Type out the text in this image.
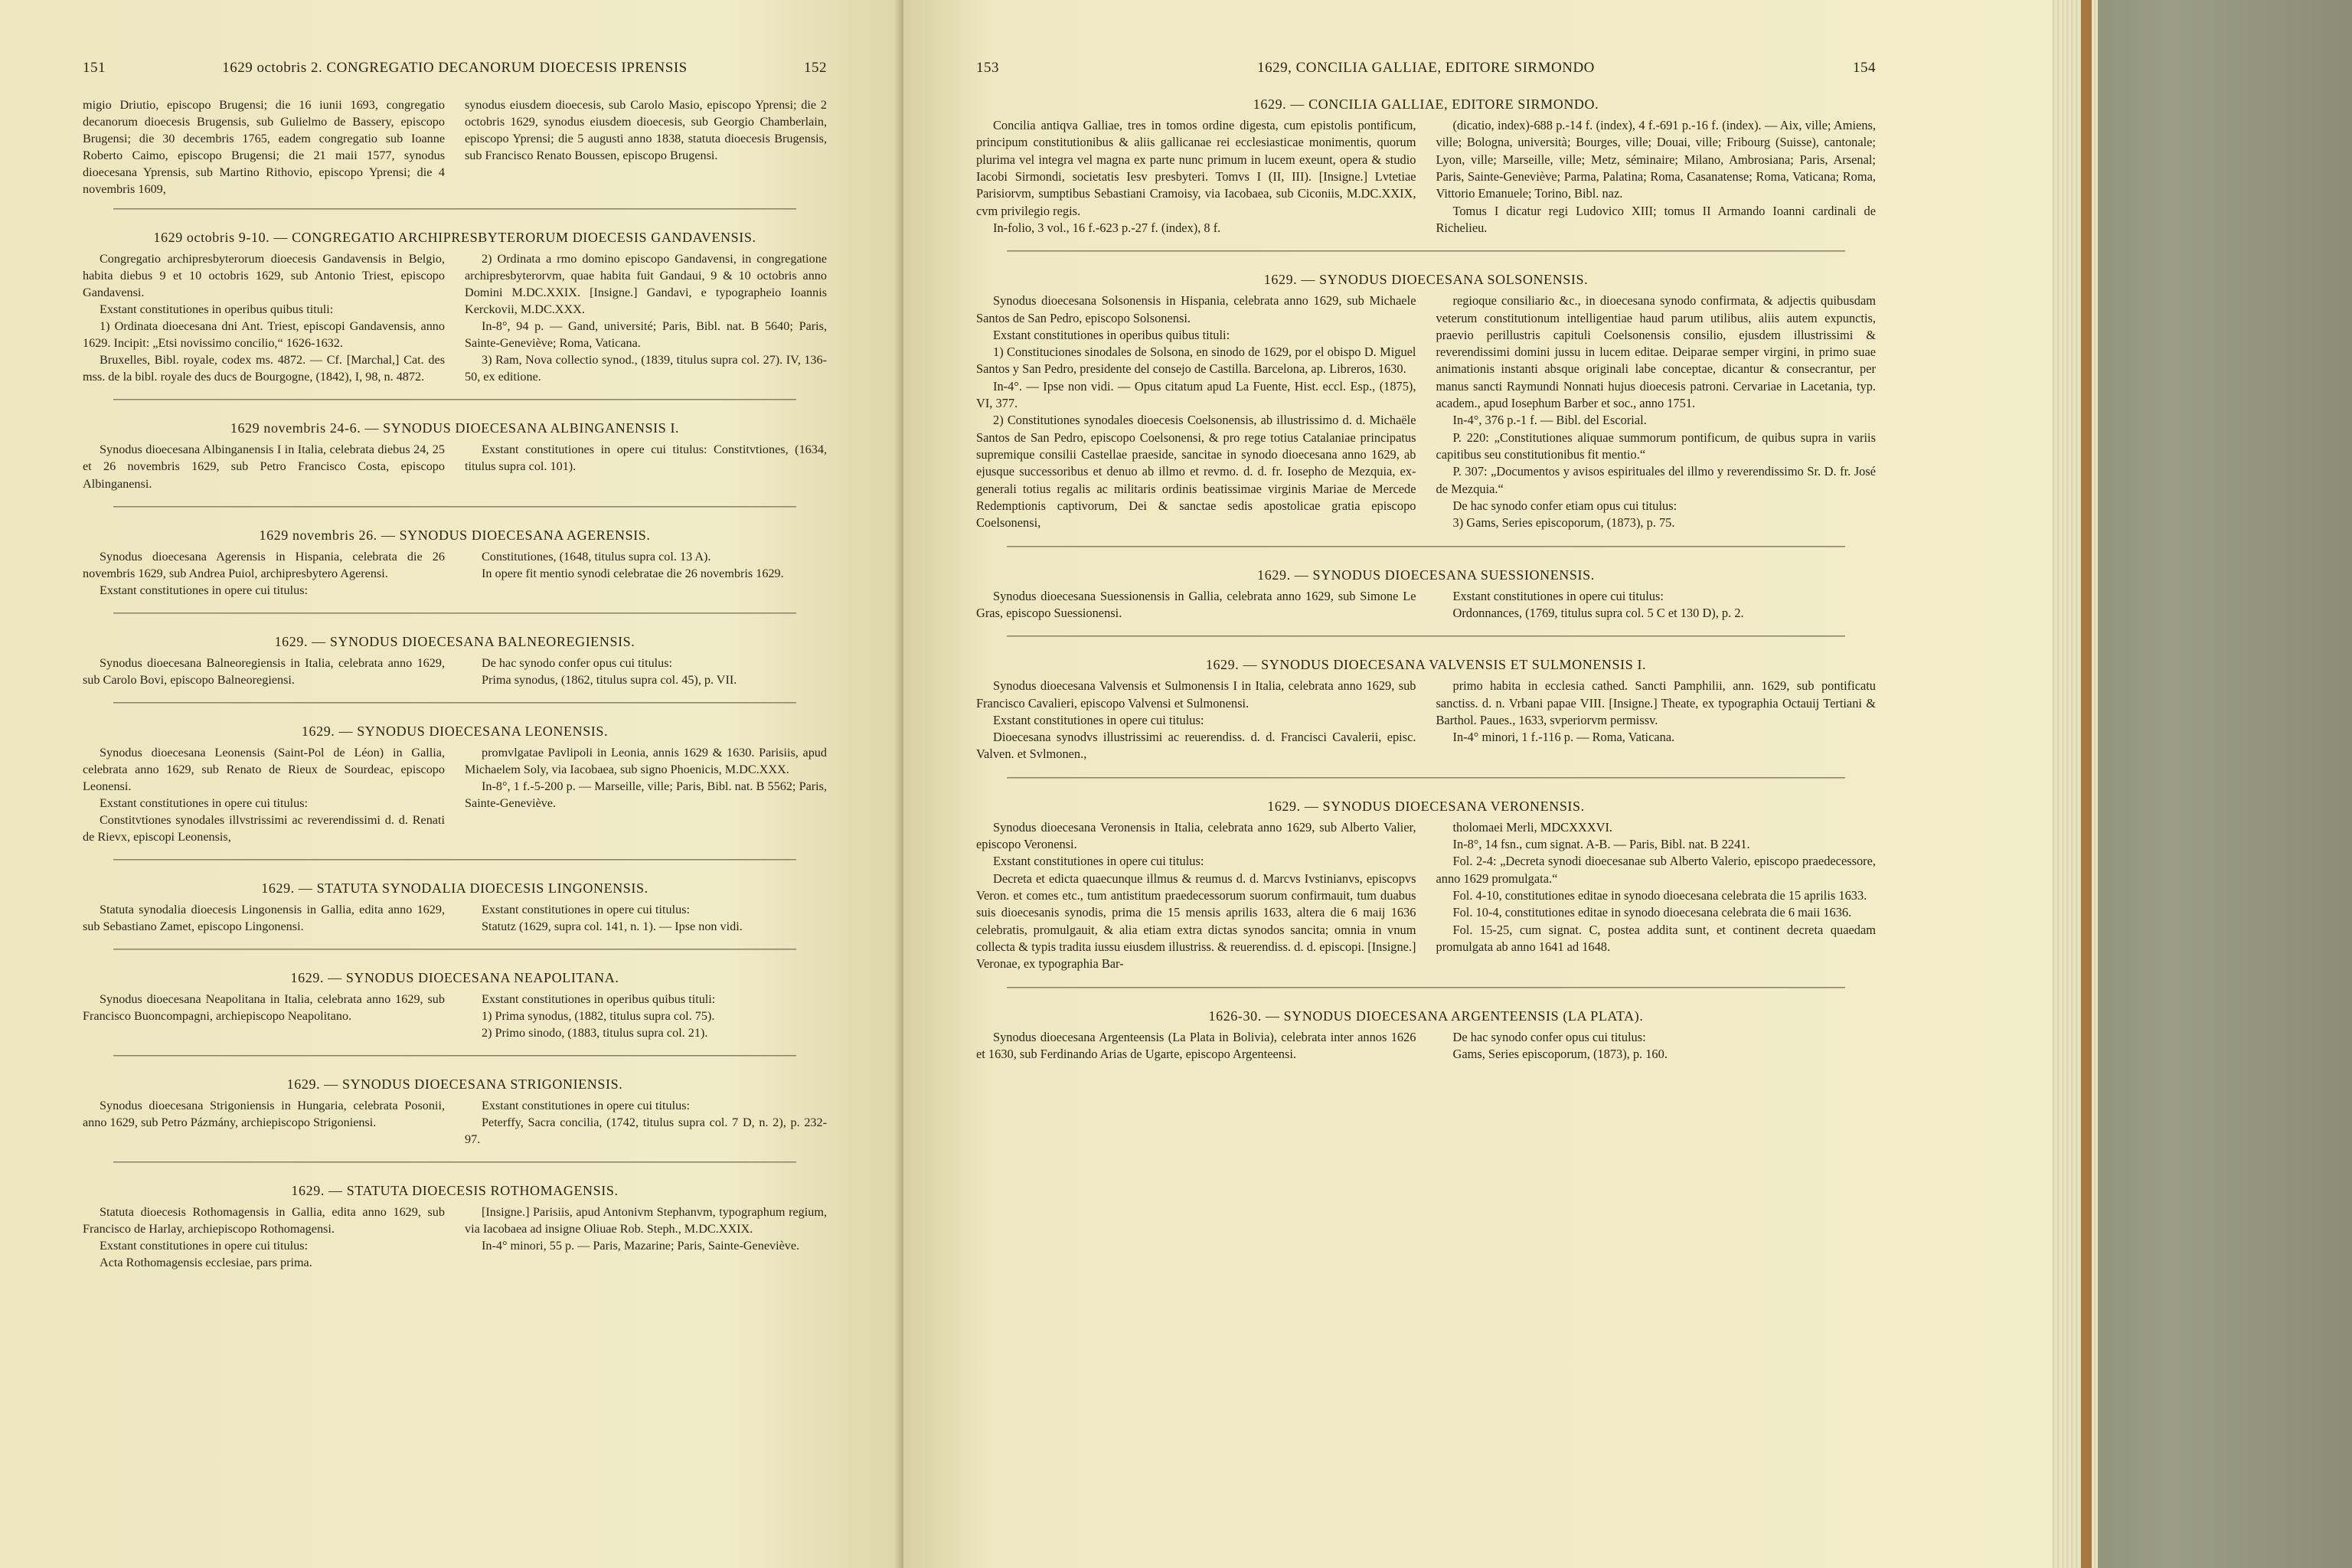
151	1629 octobris 2. CONGREGATIO DECANORUM DIOECESIS IPRENSIS	152

migio Driutio, episcopo Brugensi; die 16 iunii 1693, congregatio decanorum dioecesis Brugensis, sub Gulielmo de Bassery, episcopo Brugensi; die 30 decembris 1765, eadem congregatio sub Ioanne Roberto Caimo, episcopo Brugensi; die 21 maii 1577, synodus dioecesana Yprensis, sub Martino Rithovio, episcopo Yprensi; die 4 novembris 1609,

synodus eiusdem dioecesis, sub Carolo Masio, episcopo Yprensi; die 2 octobris 1629, synodus eiusdem dioecesis, sub Georgio Chamberlain, episcopo Yprensi; die 5 augusti anno 1838, statuta dioecesis Brugensis, sub Francisco Renato Boussen, episcopo Brugensi.

1629 octobris 9-10. — CONGREGATIO ARCHIPRESBYTERORUM DIOECESIS GANDAVENSIS.

Congregatio archipresbyterorum dioecesis Gandavensis in Belgio, habita diebus 9 et 10 octobris 1629, sub Antonio Triest, episcopo Gandavensi.

Exstant constitutiones in operibus quibus tituli:

1) Ordinata dioecesana dni Ant. Triest, episcopi Gandavensis, anno 1629. Incipit: „Etsi novissimo concilio,“ 1626-1632.

Bruxelles, Bibl. royale, codex ms. 4872. — Cf. [Marchal,] Cat. des mss. de la bibl. royale des ducs de Bourgogne, (1842), I, 98, n. 4872.

2) Ordinata a rmo domino episcopo Gandavensi, in congregatione archipresbyterorvm, quae habita fuit Gandaui, 9 & 10 octobris anno Domini M.DC.XXIX. [Insigne.] Gandavi, e typographeio Ioannis Kerckovii, M.DC.XXX.

In-8°, 94 p. — Gand, université; Paris, Bibl. nat. B 5640; Paris, Sainte-Geneviève; Roma, Vaticana.

3) Ram, Nova collectio synod., (1839, titulus supra col. 27). IV, 136-50, ex editione.

1629 novembris 24-6. — SYNODUS DIOECESANA ALBINGANENSIS I.

Synodus dioecesana Albinganensis I in Italia, celebrata diebus 24, 25 et 26 novembris 1629, sub Petro Francisco Costa, episcopo Albinganensi.

Exstant constitutiones in opere cui titulus: Constitvtiones, (1634, titulus supra col. 101).

1629 novembris 26. — SYNODUS DIOECESANA AGERENSIS.

Synodus dioecesana Agerensis in Hispania, celebrata die 26 novembris 1629, sub Andrea Puiol, archipresbytero Agerensi.

Exstant constitutiones in opere cui titulus:

Constitutiones, (1648, titulus supra col. 13 A).

In opere fit mentio synodi celebratae die 26 novembris 1629.

1629. — SYNODUS DIOECESANA BALNEOREGIENSIS.

Synodus dioecesana Balneoregiensis in Italia, celebrata anno 1629, sub Carolo Bovi, episcopo Balneoregiensi.

De hac synodo confer opus cui titulus:

Prima synodus, (1862, titulus supra col. 45), p. VII.

1629. — SYNODUS DIOECESANA LEONENSIS.

Synodus dioecesana Leonensis (Saint-Pol de Léon) in Gallia, celebrata anno 1629, sub Renato de Rieux de Sourdeac, episcopo Leonensi.

Exstant constitutiones in opere cui titulus:

Constitvtiones synodales illvstrissimi ac reverendissimi d. d. Renati de Rievx, episcopi Leonensis,

promvlgatae Pavlipoli in Leonia, annis 1629 & 1630. Parisiis, apud Michaelem Soly, via Iacobaea, sub signo Phoenicis, M.DC.XXX.

In-8°, 1 f.-5-200 p. — Marseille, ville; Paris, Bibl. nat. B 5562; Paris, Sainte-Geneviève.

1629. — STATUTA SYNODALIA DIOECESIS LINGONENSIS.

Statuta synodalia dioecesis Lingonensis in Gallia, edita anno 1629, sub Sebastiano Zamet, episcopo Lingonensi.

Exstant constitutiones in opere cui titulus:

Statutz (1629, supra col. 141, n. 1). — Ipse non vidi.

1629. — SYNODUS DIOECESANA NEAPOLITANA.

Synodus dioecesana Neapolitana in Italia, celebrata anno 1629, sub Francisco Buoncompagni, archiepiscopo Neapolitano.

Exstant constitutiones in operibus quibus tituli:

1) Prima synodus, (1882, titulus supra col. 75).

2) Primo sinodo, (1883, titulus supra col. 21).

1629. — SYNODUS DIOECESANA STRIGONIENSIS.

Synodus dioecesana Strigoniensis in Hungaria, celebrata Posonii, anno 1629, sub Petro Pázmány, archiepiscopo Strigoniensi.

Exstant constitutiones in opere cui titulus:

Peterffy, Sacra concilia, (1742, titulus supra col. 7 D, n. 2), p. 232-97.

1629. — STATUTA DIOECESIS ROTHOMAGENSIS.

Statuta dioecesis Rothomagensis in Gallia, edita anno 1629, sub Francisco de Harlay, archiepiscopo Rothomagensi.

Exstant constitutiones in opere cui titulus:

Acta Rothomagensis ecclesiae, pars prima.

[Insigne.] Parisiis, apud Antonivm Stephanvm, typographum regium, via Iacobaea ad insigne Oliuae Rob. Steph., M.DC.XXIX.

In-4° minori, 55 p. — Paris, Mazarine; Paris, Sainte-Geneviève.

153	1629, CONCILIA GALLIAE, EDITORE SIRMONDO	154
1629. — CONCILIA GALLIAE, EDITORE SIRMONDO.

Concilia antiqva Galliae, tres in tomos ordine digesta, cum epistolis pontificum, principum constitutionibus & aliis gallicanae rei ecclesiasticae monimentis, quorum plurima vel integra vel magna ex parte nunc primum in lucem exeunt, opera & studio Iacobi Sirmondi, societatis Iesv presbyteri. Tomvs I (II, III). [Insigne.] Lvtetiae Parisiorvm, sumptibus Sebastiani Cramoisy, via Iacobaea, sub Ciconiis, M.DC.XXIX, cvm privilegio regis.

In-folio, 3 vol., 16 f.-623 p.-27 f. (index), 8 f.

(dicatio, index)-688 p.-14 f. (index), 4 f.-691 p.-16 f. (index). — Aix, ville; Amiens, ville; Bologna, università; Bourges, ville; Douai, ville; Fribourg (Suisse), cantonale; Lyon, ville; Marseille, ville; Metz, séminaire; Milano, Ambrosiana; Paris, Arsenal; Paris, Sainte-Geneviève; Parma, Palatina; Roma, Casanatense; Roma, Vaticana; Roma, Vittorio Emanuele; Torino, Bibl. naz.

Tomus I dicatur regi Ludovico XIII; tomus II Armando Ioanni cardinali de Richelieu.

1629. — SYNODUS DIOECESANA SOLSONENSIS.

Synodus dioecesana Solsonensis in Hispania, celebrata anno 1629, sub Michaele Santos de San Pedro, episcopo Solsonensi.

Exstant constitutiones in operibus quibus tituli:

1) Constituciones sinodales de Solsona, en sinodo de 1629, por el obispo D. Miguel Santos y San Pedro, presidente del consejo de Castilla. Barcelona, ap. Libreros, 1630.

In-4°. — Ipse non vidi. — Opus citatum apud La Fuente, Hist. eccl. Esp., (1875), VI, 377.

2) Constitutiones synodales dioecesis Coelsonensis, ab illustrissimo d. d. Michaële Santos de San Pedro, episcopo Coelsonensi, & pro rege totius Catalaniae principatus supremique consilii Castellae praeside, sancitae in synodo dioecesana anno 1629, ab ejusque successoribus et denuo ab illmo et revmo. d. d. fr. Iosepho de Mezquia, ex-generali totius regalis ac militaris ordinis beatissimae virginis Mariae de Mercede Redemptionis captivorum, Dei & sanctae sedis apostolicae gratia episcopo Coelsonensi,

regioque consiliario &c., in dioecesana synodo confirmata, & adjectis quibusdam veterum constitutionum intelligentiae haud parum utilibus, aliis autem expunctis, praevio perillustris capituli Coelsonensis consilio, ejusdem illustrissimi & reverendissimi domini jussu in lucem editae. Deiparae semper virgini, in primo suae animationis instanti absque originali labe conceptae, dicantur & consecrantur, per manus sancti Raymundi Nonnati hujus dioecesis patroni. Cervariae in Lacetania, typ. academ., apud Iosephum Barber et soc., anno 1751.

In-4°, 376 p.-1 f. — Bibl. del Escorial.

P. 220: „Constitutiones aliquae summorum pontificum, de quibus supra in variis capitibus seu constitutionibus fit mentio.“

P. 307: „Documentos y avisos espirituales del illmo y reverendissimo Sr. D. fr. José de Mezquia.“

De hac synodo confer etiam opus cui titulus:

3) Gams, Series episcoporum, (1873), p. 75.

1629. — SYNODUS DIOECESANA SUESSIONENSIS.

Synodus dioecesana Suessionensis in Gallia, celebrata anno 1629, sub Simone Le Gras, episcopo Suessionensi.

Exstant constitutiones in opere cui titulus:

Ordonnances, (1769, titulus supra col. 5 C et 130 D), p. 2.

1629. — SYNODUS DIOECESANA VALVENSIS ET SULMONENSIS I.

Synodus dioecesana Valvensis et Sulmonensis I in Italia, celebrata anno 1629, sub Francisco Cavalieri, episcopo Valvensi et Sulmonensi.

Exstant constitutiones in opere cui titulus:

Dioecesana synodvs illustrissimi ac reuerendiss. d. d. Francisci Cavalerii, episc. Valven. et Svlmonen.,

primo habita in ecclesia cathed. Sancti Pamphilii, ann. 1629, sub pontificatu sanctiss. d. n. Vrbani papae VIII. [Insigne.] Theate, ex typographia Octauij Tertiani & Barthol. Paues., 1633, svperiorvm permissv.

In-4° minori, 1 f.-116 p. — Roma, Vaticana.

1629. — SYNODUS DIOECESANA VERONENSIS.

Synodus dioecesana Veronensis in Italia, celebrata anno 1629, sub Alberto Valier, episcopo Veronensi.

Exstant constitutiones in opere cui titulus:

Decreta et edicta quaecunque illmus & reumus d. d. Marcvs Ivstinianvs, episcopvs Veron. et comes etc., tum antistitum praedecessorum suorum confirmauit, tum duabus suis dioecesanis synodis, prima die 15 mensis aprilis 1633, altera die 6 maij 1636 celebratis, promulgauit, & alia etiam extra dictas synodos sancita; omnia in vnum collecta & typis tradita iussu eiusdem illustriss. & reuerendiss. d. d. episcopi. [Insigne.] Veronae, ex typographia Bar-

tholomaei Merli, MDCXXXVI.

In-8°, 14 fsn., cum signat. A-B. — Paris, Bibl. nat. B 2241.

Fol. 2-4: „Decreta synodi dioecesanae sub Alberto Valerio, episcopo praedecessore, anno 1629 promulgata.“

Fol. 4-10, constitutiones editae in synodo dioecesana celebrata die 15 aprilis 1633.

Fol. 10-4, constitutiones editae in synodo dioecesana celebrata die 6 maii 1636.

Fol. 15-25, cum signat. C, postea addita sunt, et continent decreta quaedam promulgata ab anno 1641 ad 1648.

1626-30. — SYNODUS DIOECESANA ARGENTEENSIS (LA PLATA).

Synodus dioecesana Argenteensis (La Plata in Bolivia), celebrata inter annos 1626 et 1630, sub Ferdinando Arias de Ugarte, episcopo Argenteensi.

De hac synodo confer opus cui titulus:

Gams, Series episcoporum, (1873), p. 160.
